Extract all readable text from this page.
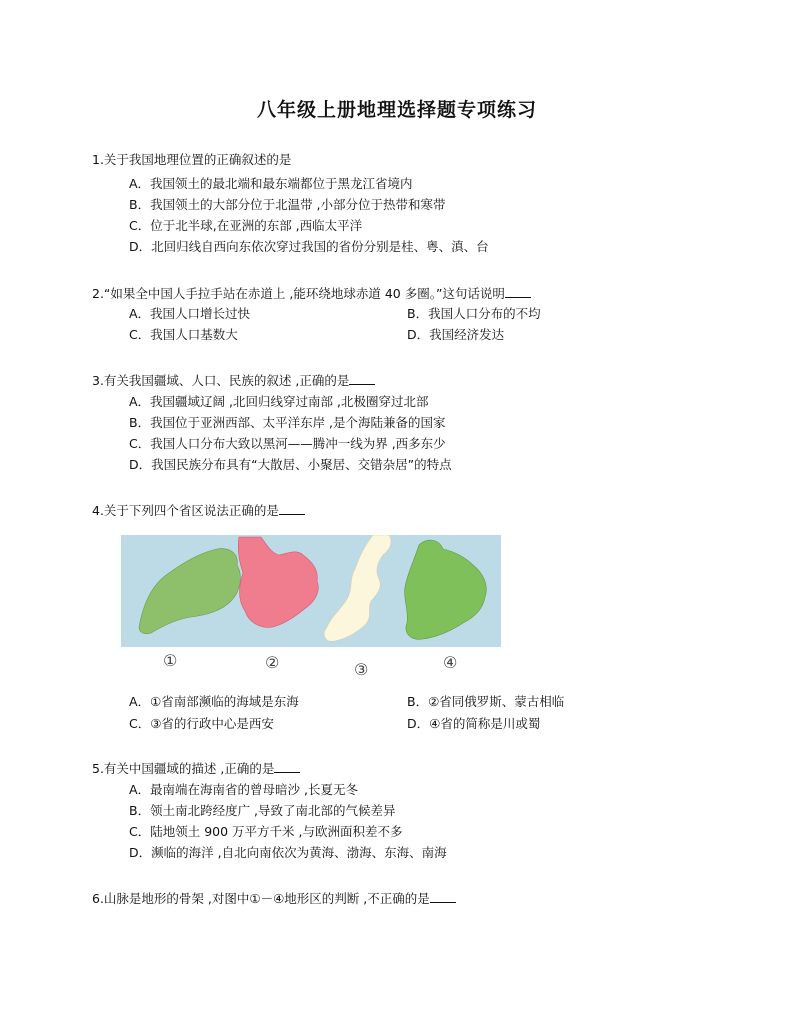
八年级上册地理选择题专项练习
1.关于我国地理位置的正确叙述的是
A．我国领土的最北端和最东端都位于黑龙江省境内
B．我国领土的大部分位于北温带 ,小部分位于热带和寒带
C．位于北半球,在亚洲的东部 ,西临太平洋
D．北回归线自西向东依次穿过我国的省份分别是桂、粤、滇、台
2.“如果全中国人手拉手站在赤道上 ,能环绕地球赤道 40 多圈。”这句话说明
A．我国人口增长过快	B．我国人口分布的不均
C．我国人口基数大	D．我国经济发达
3.有关我国疆域、人口、民族的叙述 ,正确的是
A．我国疆域辽阔 ,北回归线穿过南部 ,北极圈穿过北部
B．我国位于亚洲西部、太平洋东岸 ,是个海陆兼备的国家
C．我国人口分布大致以黑河——腾冲一线为界 ,西多东少
D．我国民族分布具有“大散居、小聚居、交错杂居”的特点
4.关于下列四个省区说法正确的是
①	②	③	④
A．①省南部濒临的海域是东海	B．②省同俄罗斯、蒙古相临
C．③省的行政中心是西安	D．④省的简称是川或蜀
5.有关中国疆域的描述 ,正确的是
A．最南端在海南省的曾母暗沙 ,长夏无冬
B．领土南北跨经度广 ,导致了南北部的气候差异
C．陆地领土 900 万平方千米 ,与欧洲面积差不多
D．濒临的海洋 ,自北向南依次为黄海、渤海、东海、南海
6.山脉是地形的骨架 ,对图中①－④地形区的判断 ,不正确的是
